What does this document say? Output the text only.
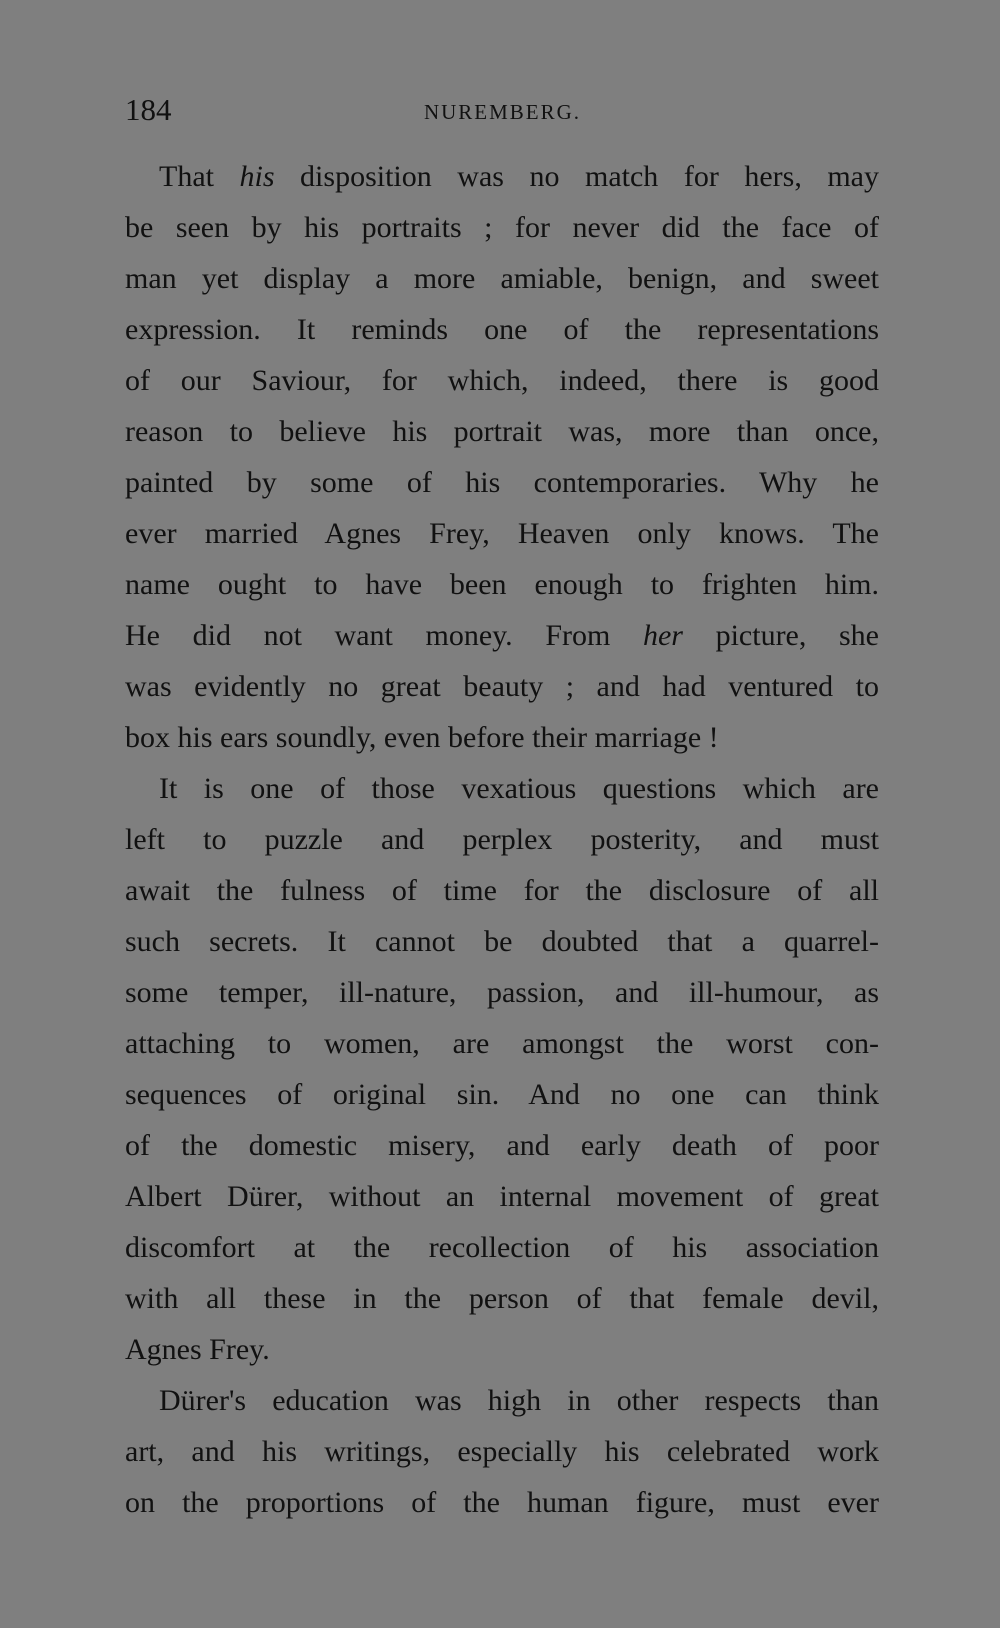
184	NUREMBERG.
That his disposition was no match for hers, may
be seen by his portraits ; for never did the face of
man yet display a more amiable, benign, and sweet
expression. It reminds one of the representations
of our Saviour, for which, indeed, there is good
reason to believe his portrait was, more than once,
painted by some of his contemporaries. Why he
ever married Agnes Frey, Heaven only knows. The
name ought to have been enough to frighten him.
He did not want money. From her picture, she
was evidently no great beauty ; and had ventured to
box his ears soundly, even before their marriage !
It is one of those vexatious questions which are
left to puzzle and perplex posterity, and must
await the fulness of time for the disclosure of all
such secrets. It cannot be doubted that a quarrel-
some temper, ill-nature, passion, and ill-humour, as
attaching to women, are amongst the worst con-
sequences of original sin. And no one can think
of the domestic misery, and early death of poor
Albert Dürer, without an internal movement of great
discomfort at the recollection of his association
with all these in the person of that female devil,
Agnes Frey.
Dürer's education was high in other respects than
art, and his writings, especially his celebrated work
on the proportions of the human figure, must ever
